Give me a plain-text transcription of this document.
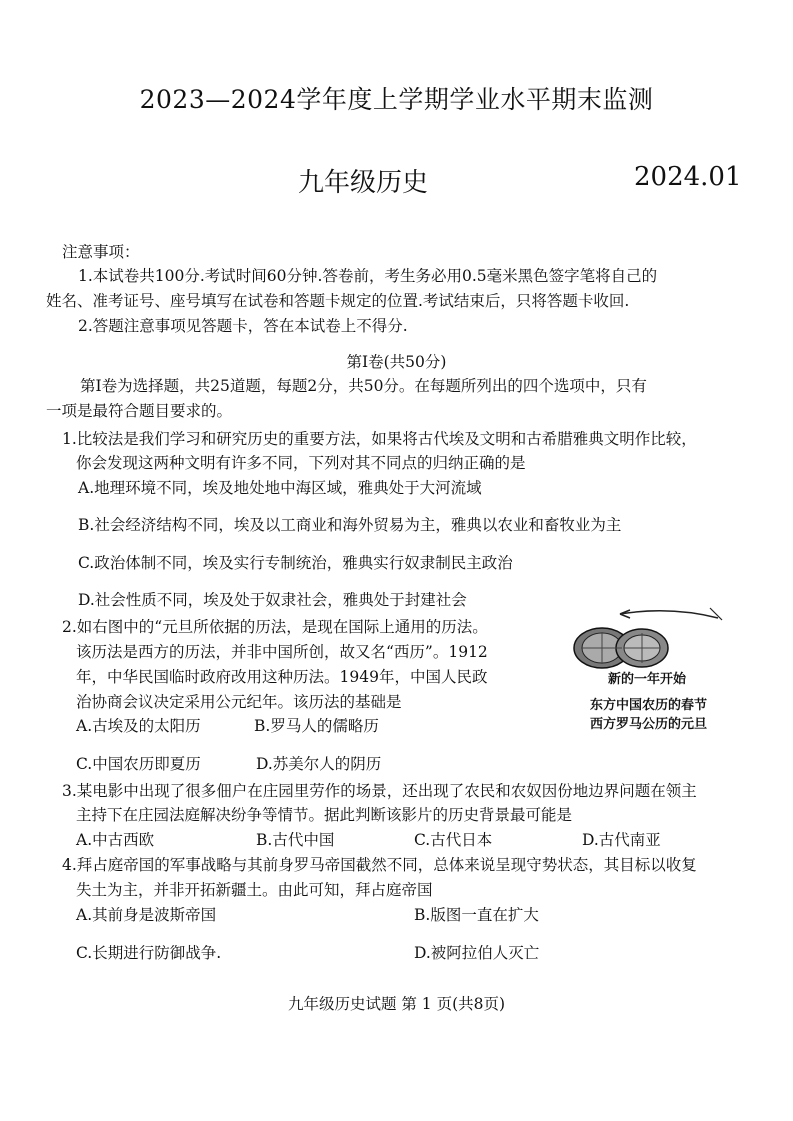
2023—2024学年度上学期学业水平期末监测
九年级历史	2024.01
注意事项：
1.本试卷共100分.考试时间60分钟.答卷前，考生务必用0.5毫米黑色签字笔将自己的
姓名、准考证号、座号填写在试卷和答题卡规定的位置.考试结束后，只将答题卡收回.
2.答题注意事项见答题卡，答在本试卷上不得分.
第Ⅰ卷(共50分)
第Ⅰ卷为选择题，共25道题，每题2分，共50分。在每题所列出的四个选项中，只有
一项是最符合题目要求的。
1.比较法是我们学习和研究历史的重要方法，如果将古代埃及文明和古希腊雅典文明作比较，
你会发现这两种文明有许多不同，下列对其不同点的归纳正确的是
A.地理环境不同，埃及地处地中海区域，雅典处于大河流域
B.社会经济结构不同，埃及以工商业和海外贸易为主，雅典以农业和畜牧业为主
C.政治体制不同，埃及实行专制统治，雅典实行奴隶制民主政治
D.社会性质不同，埃及处于奴隶社会，雅典处于封建社会
2.如右图中的“元旦所依据的历法，是现在国际上通用的历法。
该历法是西方的历法，并非中国所创，故又名“西历”。1912
年，中华民国临时政府改用这种历法。1949年，中国人民政
治协商会议决定采用公元纪年。该历法的基础是
A.古埃及的太阳历	B.罗马人的儒略历
C.中国农历即夏历	D.苏美尔人的阴历
新的一年开始
东方中国农历的春节
西方罗马公历的元旦
3.某电影中出现了很多佃户在庄园里劳作的场景，还出现了农民和农奴因份地边界问题在领主
主持下在庄园法庭解决纷争等情节。据此判断该影片的历史背景最可能是
A.中古西欧	B.古代中国	C.古代日本	D.古代南亚
4.拜占庭帝国的军事战略与其前身罗马帝国截然不同，总体来说呈现守势状态，其目标以收复
失土为主，并非开拓新疆土。由此可知，拜占庭帝国
A.其前身是波斯帝国	B.版图一直在扩大
C.长期进行防御战争.	D.被阿拉伯人灭亡
九年级历史试题 第 1 页(共8页)
